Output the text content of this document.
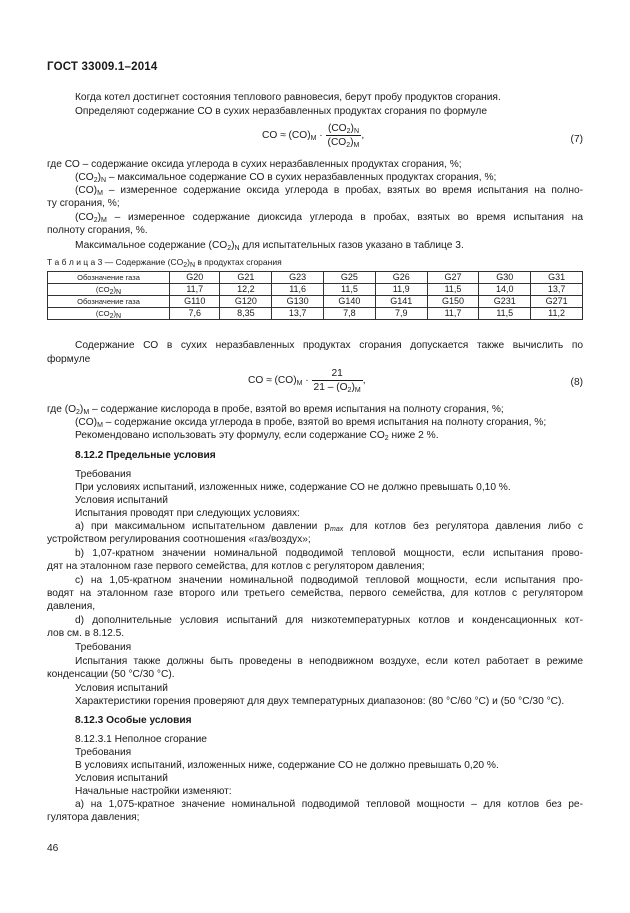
ГОСТ 33009.1–2014
Когда котел достигнет состояния теплового равновесия, берут пробу продуктов сгорания.
Определяют содержание СО в сухих неразбавленных продуктах сгорания по формуле
CO ≈ $(CO)_M \cdot \frac{(CO_2)_N}{(CO_2)_M}$ ,	(7)
где СО – содержание оксида углерода в сухих неразбавленных продуктах сгорания, %;
$(CO_2)_N$ – максимальное содержание СО в сухих неразбавленных продуктах сгорания, %;
$(CO)_M$ – измеренное содержание оксида углерода в пробах, взятых во время испытания на полно-
ту сгорания, %;
$(CO_2)_M$ – измеренное содержание диоксида углерода в пробах, взятых во время испытания на
полноту сгорания, %.
Максимальное содержание $(CO_2)_N$ для испытательных газов указано в таблице 3.
Т а б л и ц а 3 — Содержание $(CO_2)_N$ в продуктах сгорания
Обозначение газа	G20	G21	G23	G25	G26	G27	G30	G31
$(CO_2)_N$	11,7	12,2	11,6	11,5	11,9	11,5	14,0	13,7
Обозначение газа	G110	G120	G130	G140	G141	G150	G231	G271
$(CO_2)_N$	7,6	8,35	13,7	7,8	7,9	11,7	11,5	11,2
Содержание СО в сухих неразбавленных продуктах сгорания допускается также вычислить по
формуле
CO ≈ $(CO)_M \cdot \frac{21}{21 - (O_2)_M}$ ,	(8)
где $(O_2)_M$ – содержание кислорода в пробе, взятой во время испытания на полноту сгорания, %;
$(CO)_M$ – содержание оксида углерода в пробе, взятой во время испытания на полноту сгорания, %;
Рекомендовано использовать эту формулу, если содержание $CO_2$ ниже 2 %.
8.12.2 Предельные условия
Требования
При условиях испытаний, изложенных ниже, содержание СО не должно превышать 0,10 %.
Условия испытаний
Испытания проводят при следующих условиях:
а) при максимальном испытательном давлении $p_{max}$ для котлов без регулятора давления либо с
устройством регулирования соотношения «газ/воздух»;
b) 1,07-кратном значении номинальной подводимой тепловой мощности, если испытания прово-
дят на эталонном газе первого семейства, для котлов с регулятором давления;
с) на 1,05-кратном значении номинальной подводимой тепловой мощности, если испытания про-
водят на эталонном газе второго или третьего семейства, первого семейства, для котлов с регулятором
давления,
d) дополнительные условия испытаний для низкотемпературных котлов и конденсационных кот-
лов см. в 8.12.5.
Требования
Испытания также должны быть проведены в неподвижном воздухе, если котел работает в режиме
конденсации (50 °С/30 °С).
Условия испытаний
Характеристики горения проверяют для двух температурных диапазонов: (80 °С/60 °С) и (50 °С/30 °С).
8.12.3 Особые условия
8.12.3.1 Неполное сгорание
Требования
В условиях испытаний, изложенных ниже, содержание СО не должно превышать 0,20 %.
Условия испытаний
Начальные настройки изменяют:
а) на 1,075-кратное значение номинальной подводимой тепловой мощности – для котлов без ре-
гулятора давления;
46
